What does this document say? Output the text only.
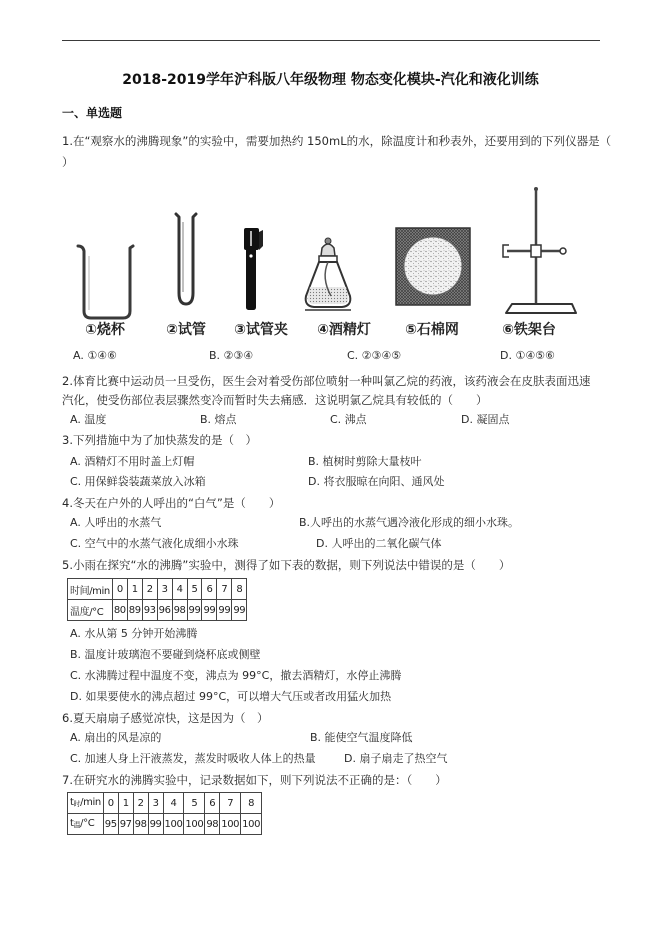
2018-2019学年沪科版八年级物理 物态变化模块-汽化和液化训练
一、单选题
1.在“观察水的沸腾现象”的实验中，需要加热约 150mL的水，除温度计和秒表外，还要用到的下列仪器是（
）
①烧杯	②试管	③试管夹	④酒精灯	⑤石棉网	⑥铁架台
A. ①④⑥	B. ②③④	C. ②③④⑤	D. ①④⑤⑥
2.体育比赛中运动员一旦受伤，医生会对着受伤部位喷射一种叫氯乙烷的药液，该药液会在皮肤表面迅速
汽化，使受伤部位表层骤然变冷而暂时失去痛感．这说明氯乙烷具有较低的（　　）
A. 温度	B. 熔点	C. 沸点	D. 凝固点
3.下列措施中为了加快蒸发的是（　）
A. 酒精灯不用时盖上灯帽	B. 植树时剪除大量枝叶
C. 用保鲜袋装蔬菜放入冰箱	D. 将衣服晾在向阳、通风处
4.冬天在户外的人呼出的“白气”是（　　）
A. 人呼出的水蒸气	B.人呼出的水蒸气遇冷液化形成的细小水珠。
C. 空气中的水蒸气液化成细小水珠	D. 人呼出的二氧化碳气体
5.小雨在探究“水的沸腾”实验中，测得了如下表的数据，则下列说法中错误的是（　　）
时间/min	0	1	2	3	4	5	6	7	8
温度/°C	80	89	93	96	98	99	99	99	99
A. 水从第 5 分钟开始沸腾
B. 温度计玻璃泡不要碰到烧杯底或侧壁
C. 水沸腾过程中温度不变，沸点为 99°C，撤去酒精灯，水停止沸腾
D. 如果要使水的沸点超过 99°C，可以增大气压或者改用猛火加热
6.夏天扇扇子感觉凉快，这是因为（　）
A. 扇出的风是凉的	B. 能使空气温度降低
C. 加速人身上汗液蒸发，蒸发时吸收人体上的热量	D. 扇子扇走了热空气
7.在研究水的沸腾实验中，记录数据如下，则下列说法不正确的是：（　　）
t时/min	0	1	2	3	4	5	6	7	8
t温/°C	95	97	98	99	100	100	98	100	100
